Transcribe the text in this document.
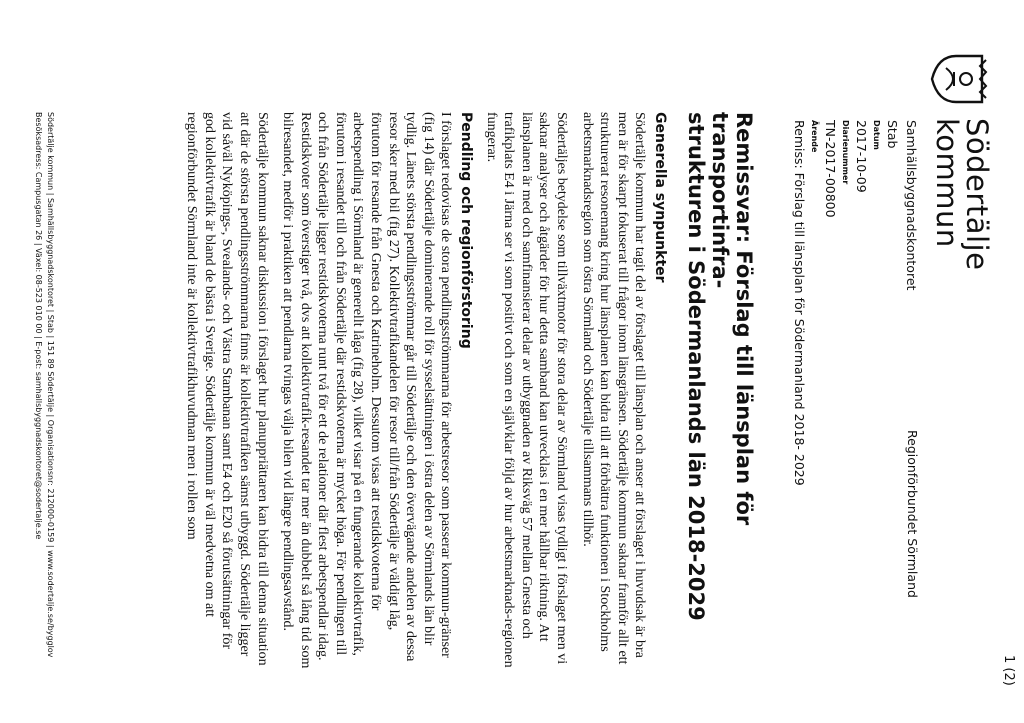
Södertälje
kommun
1 (2)
Samhällsbyggnadskontoret
Stab
Datum
2017-10-09
Diarienummer
TN-2017-00800
Ärende
Remiss: Förslag till länsplan för Södermanland 2018- 2029
Regionförbundet Sörmland
Remissvar: Förslag till länsplan för transportinfra-
strukturen i Södermanlands län 2018-2029
Generella synpunkter

Södertälje kommun har tagit del av förslaget till länsplan och anser att förslaget i huvudsak är bra men är för skarpt fokuserat till frågor inom länsgränsen. Södertälje kommun saknar framför allt ett strukturerat resonemang kring hur länsplanen kan bidra till att förbättra funktionen i Stockholms arbetsmarknadsregion som östra Sörmland och Södertälje tillsammans tillhör.

Södertäljes betydelse som tillväxtmotor för stora delar av Sörmland visas tydligt i förslaget men vi saknar analyser och åtgärder för hur detta samband kan utvecklas i en mer hållbar riktning. Att länsplanen är med och samfinansierar delar av utbyggnaden av Riksväg 57 mellan Gnesta och trafikplats E4 i Järna ser vi som positivt och som en självklar följd av hur arbetsmarknads-regionen fungerar.

Pendling och regionförstoring

I förslaget redovisas de stora pendlingsströmmarna för arbetsresor som passerar kommun-gränser (fig 14) där Södertälje dominerande roll för sysselsättningen i östra delen av Sörmlands län blir tydlig. Länets största pendlingsströmmar går till Södertälje och den övervägande andelen av dessa resor sker med bil (fig 27). Kollektivtrafikandelen för resor till/från Södertälje är väldigt låg, förutom för resande från Gnesta och Katrineholm. Dessutom visas att restidskvoterna för arbetspendling i Sörmland är generellt låga (fig 28), vilket visar på en fungerande kollektivtrafik, förutom i resandet till och från Södertälje där restidskvoterna är mycket höga. För pendlingen till och från Södertälje ligger restidskvoterna runt två för ett de relationer där flest arbetspendlar idag. Restidskvoter som överstiger två, dvs att kollektivtrafik-resandet tar mer än dubbelt så lång tid som bilresandet, medför i praktiken att pendlarna tvingas välja bilen vid längre pendlingsavstånd.

Södertälje kommun saknar diskussion i förslaget hur planuppriättaren kan bidra till denna situation att där de största pendlingsströmmarna finns är kollektivtrafiken sämst utbyggd. Södertälje ligger vid såväl Nyköpings-, Svealands- och Västra Stambanan samt E4 och E20 så förutsättningar för god kollektivtrafik är bland de bästa i Sverige. Södertälje kommun är väl medvetna om att regionförbundet Sörmland inte är kollektivtrafikhuvudman men i rollen som

Södertälje kommun | Samhällsbyggnadskontoret | Stab | 151 89 Södertälje | Organisationsnr: 212000-0159 | www.sodertalje.se/bygglov
Besöksadress: Campusgatan 26 | Växel: 08-523 010 00 | E-post: samhallsbyggnadskontoret@sodertalje.se
